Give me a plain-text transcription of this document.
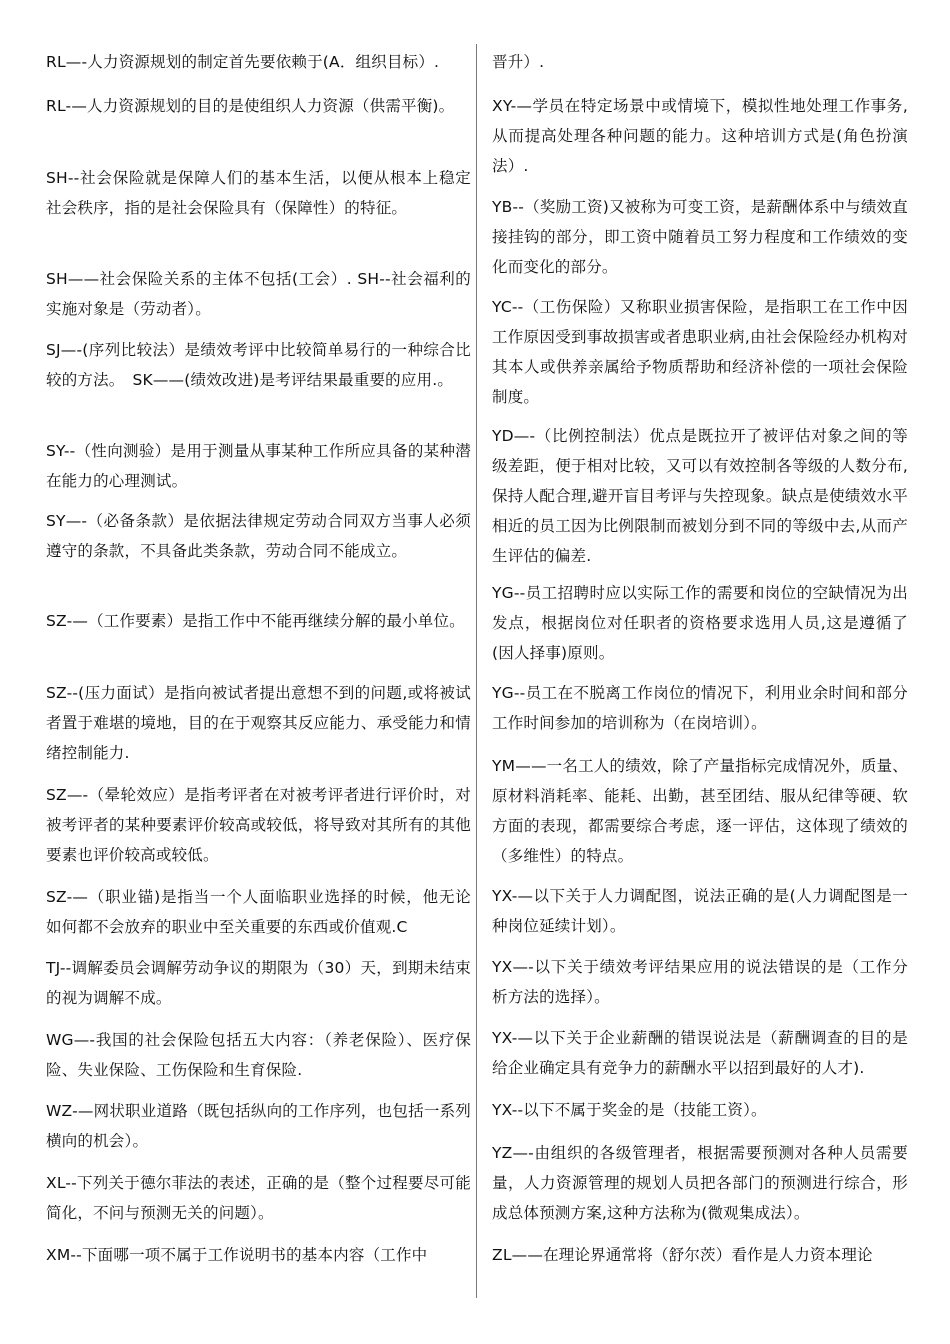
RL—-人力资源规划的制定首先要依赖于(A．组织目标）.

RL-—人力资源规划的目的是使组织人力资源（供需平衡)。

SH--社会保险就是保障人们的基本生活，以便从根本上稳定社会秩序，指的是社会保险具有（保障性）的特征。

SH——社会保险关系的主体不包括(工会）. SH--社会福利的实施对象是（劳动者）。

SJ—-(序列比较法）是绩效考评中比较简单易行的一种综合比较的方法。　SK——(绩效改进)是考评结果最重要的应用.。

SY--（性向测验）是用于测量从事某种工作所应具备的某种潜在能力的心理测试。

SY—-（必备条款）是依据法律规定劳动合同双方当事人必须遵守的条款，不具备此类条款，劳动合同不能成立。

SZ-—（工作要素）是指工作中不能再继续分解的最小单位。

SZ--(压力面试）是指向被试者提出意想不到的问题,或将被试者置于难堪的境地，目的在于观察其反应能力、承受能力和情绪控制能力.

SZ—-（晕轮效应）是指考评者在对被考评者进行评价时，对被考评者的某种要素评价较高或较低，将导致对其所有的其他要素也评价较高或较低。

SZ-—（职业锚)是指当一个人面临职业选择的时候，他无论如何都不会放弃的职业中至关重要的东西或价值观.C

TJ--调解委员会调解劳动争议的期限为（30）天，到期未结束的视为调解不成。

WG—-我国的社会保险包括五大内容：（养老保险）、医疗保险、失业保险、工伤保险和生育保险.

WZ-—网状职业道路（既包括纵向的工作序列，也包括一系列横向的机会）。

XL--下列关于德尔菲法的表述，正确的是（整个过程要尽可能简化，不问与预测无关的问题）。

XM--下面哪一项不属于工作说明书的基本内容（工作中

晋升）.

XY-—学员在特定场景中或情境下，模拟性地处理工作事务,从而提高处理各种问题的能力。这种培训方式是(角色扮演法）.

YB--（奖励工资)又被称为可变工资，是薪酬体系中与绩效直接挂钩的部分，即工资中随着员工努力程度和工作绩效的变化而变化的部分。

YC--（工伤保险）又称职业损害保险，是指职工在工作中因工作原因受到事故损害或者患职业病,由社会保险经办机构对其本人或供养亲属给予物质帮助和经济补偿的一项社会保险制度。

YD—-（比例控制法）优点是既拉开了被评估对象之间的等级差距，便于相对比较，又可以有效控制各等级的人数分布,保持人配合理,避开盲目考评与失控现象。缺点是使绩效水平相近的员工因为比例限制而被划分到不同的等级中去,从而产生评估的偏差.

YG--员工招聘时应以实际工作的需要和岗位的空缺情况为出发点，根据岗位对任职者的资格要求选用人员,这是遵循了(因人择事)原则。

YG--员工在不脱离工作岗位的情况下，利用业余时间和部分工作时间参加的培训称为（在岗培训）。

YM——一名工人的绩效，除了产量指标完成情况外，质量、原材料消耗率、能耗、出勤，甚至团结、服从纪律等硬、软方面的表现，都需要综合考虑，逐一评估，这体现了绩效的（多维性）的特点。

YX-—以下关于人力调配图，说法正确的是(人力调配图是一种岗位延续计划）。

YX—-以下关于绩效考评结果应用的说法错误的是（工作分析方法的选择）。

YX-—以下关于企业薪酬的错误说法是（薪酬调查的目的是给企业确定具有竞争力的薪酬水平以招到最好的人才).

YX--以下不属于奖金的是（技能工资）。

YZ—-由组织的各级管理者，根据需要预测对各种人员需要量，人力资源管理的规划人员把各部门的预测进行综合，形成总体预测方案,这种方法称为(微观集成法）。

ZL——在理论界通常将（舒尔茨）看作是人力资本理论
